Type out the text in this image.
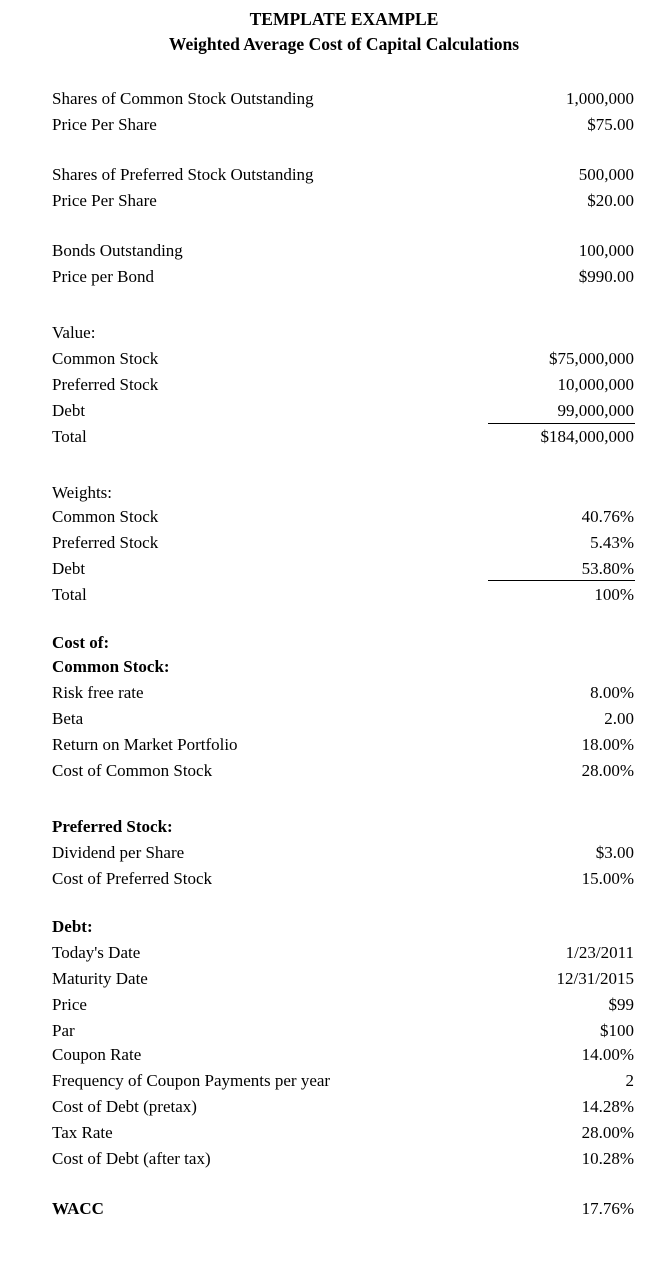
TEMPLATE EXAMPLE
Weighted Average Cost of Capital Calculations
Shares of Common Stock Outstanding	1,000,000
Price Per Share	$75.00
Shares of Preferred Stock Outstanding	500,000
Price Per Share	$20.00
Bonds Outstanding	100,000
Price per Bond	$990.00
Value:
Common Stock	$75,000,000
Preferred Stock	10,000,000
Debt	99,000,000
Total	$184,000,000
Weights:
Common Stock	40.76%
Preferred Stock	5.43%
Debt	53.80%
Total	100%
Cost of:
Common Stock:
Risk free rate	8.00%
Beta	2.00
Return on Market Portfolio	18.00%
Cost of Common Stock	28.00%
Preferred Stock:
Dividend per Share	$3.00
Cost of Preferred Stock	15.00%
Debt:
Today's Date	1/23/2011
Maturity Date	12/31/2015
Price	$99
Par	$100
Coupon Rate	14.00%
Frequency of Coupon Payments per year	2
Cost of Debt (pretax)	14.28%
Tax Rate	28.00%
Cost of Debt (after tax)	10.28%
WACC	17.76%
